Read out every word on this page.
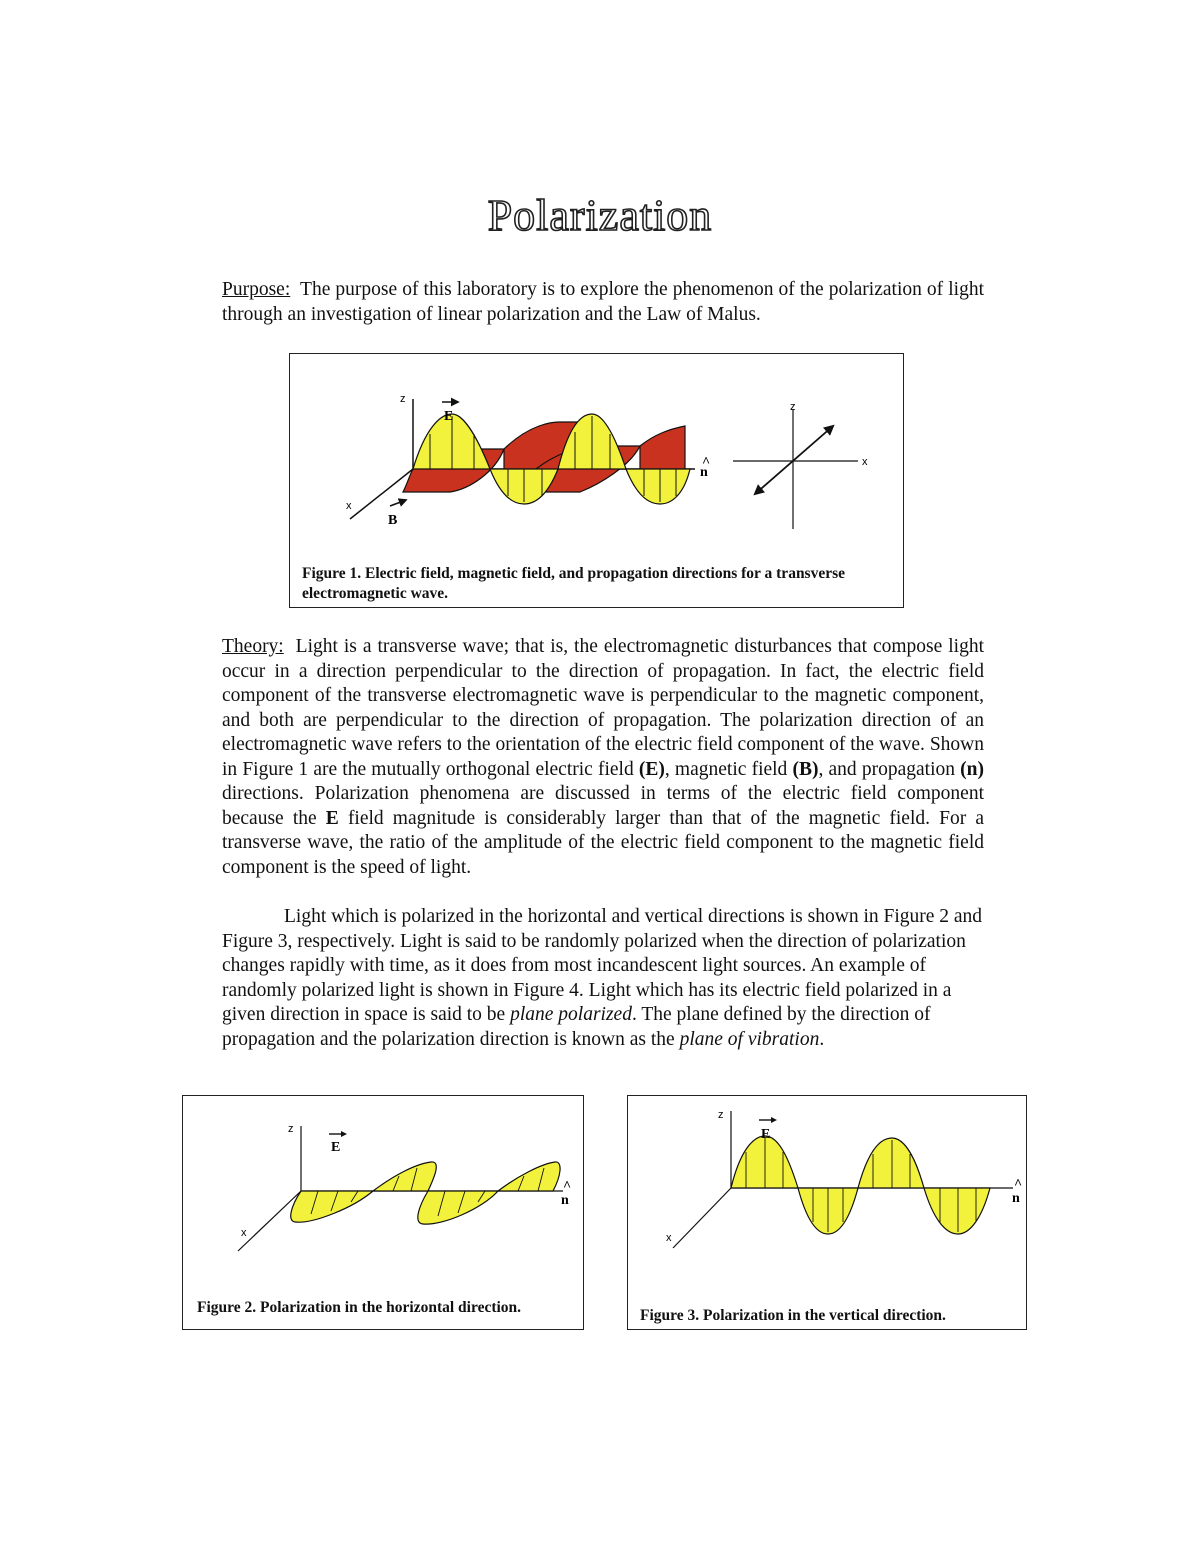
Polarization
Purpose: The purpose of this laboratory is to explore the phenomenon of the polarization of light through an investigation of linear polarization and the Law of Malus.
z
x
E
B
^
n
z
x
Figure 1. Electric field, magnetic field, and propagation directions for a transverse electromagnetic wave.
Theory: Light is a transverse wave; that is, the electromagnetic disturbances that compose light occur in a direction perpendicular to the direction of propagation. In fact, the electric field component of the transverse electromagnetic wave is perpendicular to the magnetic component, and both are perpendicular to the direction of propagation. The polarization direction of an electromagnetic wave refers to the orientation of the electric field component of the wave. Shown in Figure 1 are the mutually orthogonal electric field (E), magnetic field (B), and propagation (n) directions. Polarization phenomena are discussed in terms of the electric field component because the E field magnitude is considerably larger than that of the magnetic field. For a transverse wave, the ratio of the amplitude of the electric field component to the magnetic field component is the speed of light.
Light which is polarized in the horizontal and vertical directions is shown in Figure 2 and Figure 3, respectively. Light is said to be randomly polarized when the direction of polarization changes rapidly with time, as it does from most incandescent light sources. An example of randomly polarized light is shown in Figure 4. Light which has its electric field polarized in a given direction in space is said to be plane polarized. The plane defined by the direction of propagation and the polarization direction is known as the plane of vibration.
z
x
E
^
n
Figure 2. Polarization in the horizontal direction.
z
x
E
^
n
Figure 3. Polarization in the vertical direction.
